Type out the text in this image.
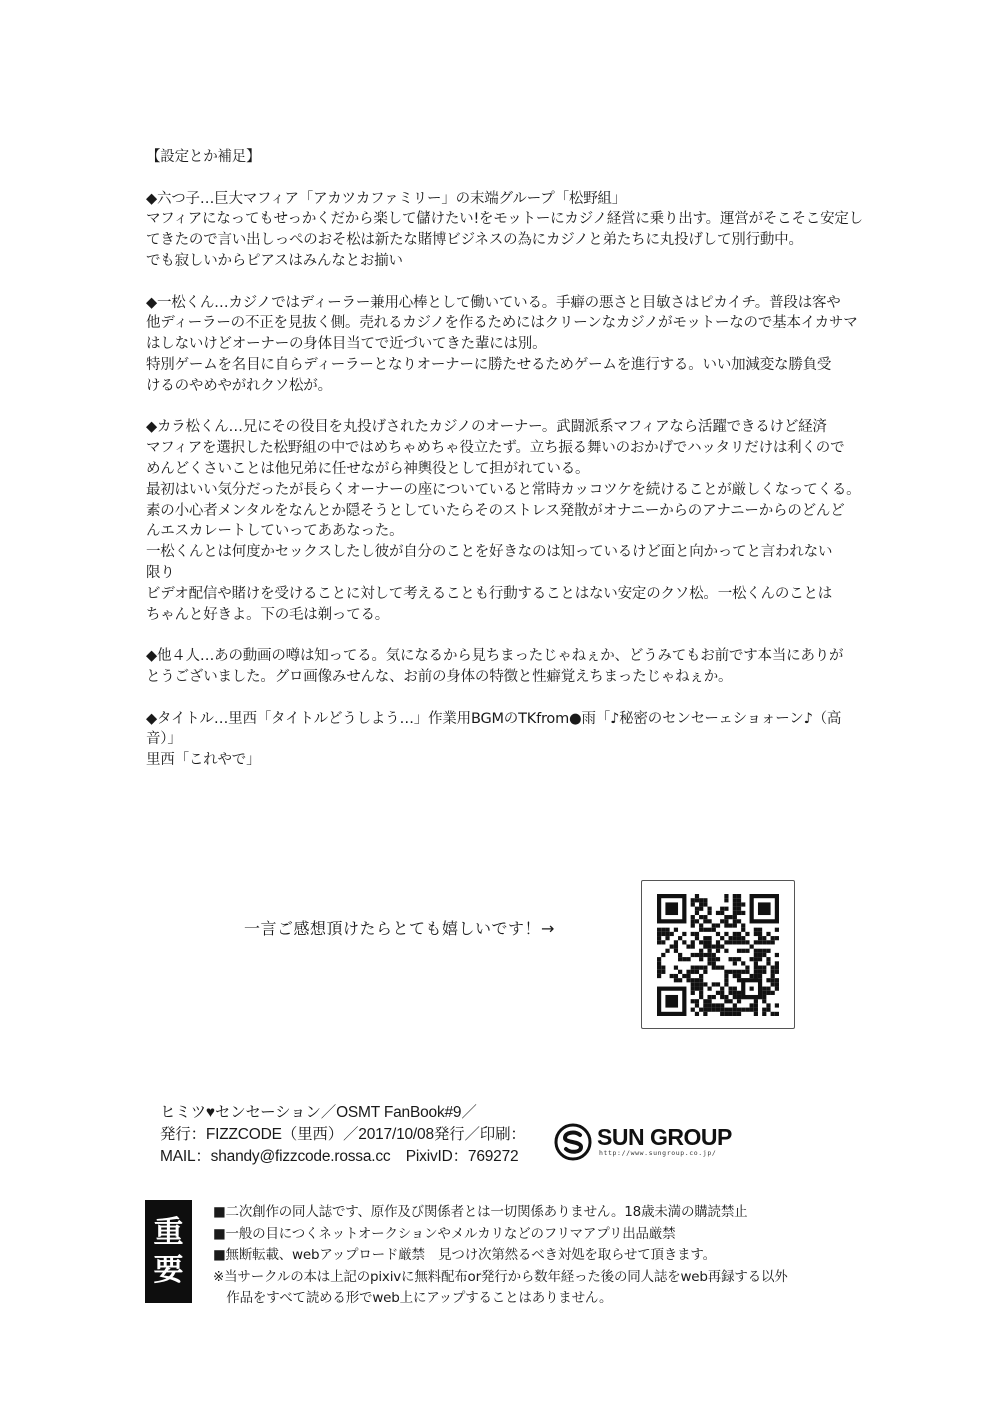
【設定とか補足】

◆六つ子…巨大マフィア「アカツカファミリー」の末端グループ「松野組」

マフィアになってもせっかくだから楽して儲けたい!をモットーにカジノ経営に乗り出す。運営がそこそこ安定し

てきたので言い出しっぺのおそ松は新たな賭博ビジネスの為にカジノと弟たちに丸投げして別行動中。

でも寂しいからピアスはみんなとお揃い

◆一松くん…カジノではディーラー兼用心棒として働いている。手癖の悪さと目敏さはピカイチ。普段は客や

他ディーラーの不正を見抜く側。売れるカジノを作るためにはクリーンなカジノがモットーなので基本イカサマ

はしないけどオーナーの身体目当てで近づいてきた輩には別。

特別ゲームを名目に自らディーラーとなりオーナーに勝たせるためゲームを進行する。いい加減変な勝負受

けるのやめやがれクソ松が。

◆カラ松くん…兄にその役目を丸投げされたカジノのオーナー。武闘派系マフィアなら活躍できるけど経済

マフィアを選択した松野組の中ではめちゃめちゃ役立たず。立ち振る舞いのおかげでハッタリだけは利くので

めんどくさいことは他兄弟に任せながら神輿役として担がれている。

最初はいい気分だったが長らくオーナーの座についていると常時カッコツケを続けることが厳しくなってくる。

素の小心者メンタルをなんとか隠そうとしていたらそのストレス発散がオナニーからのアナニーからのどんど

んエスカレートしていってああなった。

一松くんとは何度かセックスしたし彼が自分のことを好きなのは知っているけど面と向かってと言われない

限り

ビデオ配信や賭けを受けることに対して考えることも行動することはない安定のクソ松。一松くんのことは

ちゃんと好きよ。下の毛は剃ってる。

◆他４人…あの動画の噂は知ってる。気になるから見ちまったじゃねぇか、どうみてもお前です本当にありが

とうございました。グロ画像みせんな、お前の身体の特徴と性癖覚えちまったじゃねぇか。

◆タイトル…里西「タイトルどうしよう…」作業用BGMのTKfrom●雨「♪秘密のセンセーェショォーン♪（高

音）」

里西「これやで」

一言ご感想頂けたらとても嬉しいです！→
ヒミツ♥センセーション／OSMT FanBook#9／
発行：FIZZCODE（里西）／2017/10/08発行／印刷：
MAIL：shandy@fizzcode.rossa.cc　PixivID：769272
SUN GROUP
http://www.sungroup.co.jp/
重
要
■二次創作の同人誌です、原作及び関係者とは一切関係ありません。18歳未満の購読禁止
■一般の目につくネットオークションやメルカリなどのフリマアプリ出品厳禁
■無断転載、webアップロード厳禁　見つけ次第然るべき対処を取らせて頂きます。
※当サークルの本は上記のpixivに無料配布or発行から数年経った後の同人誌をweb再録する以外
　作品をすべて読める形でweb上にアップすることはありません。
